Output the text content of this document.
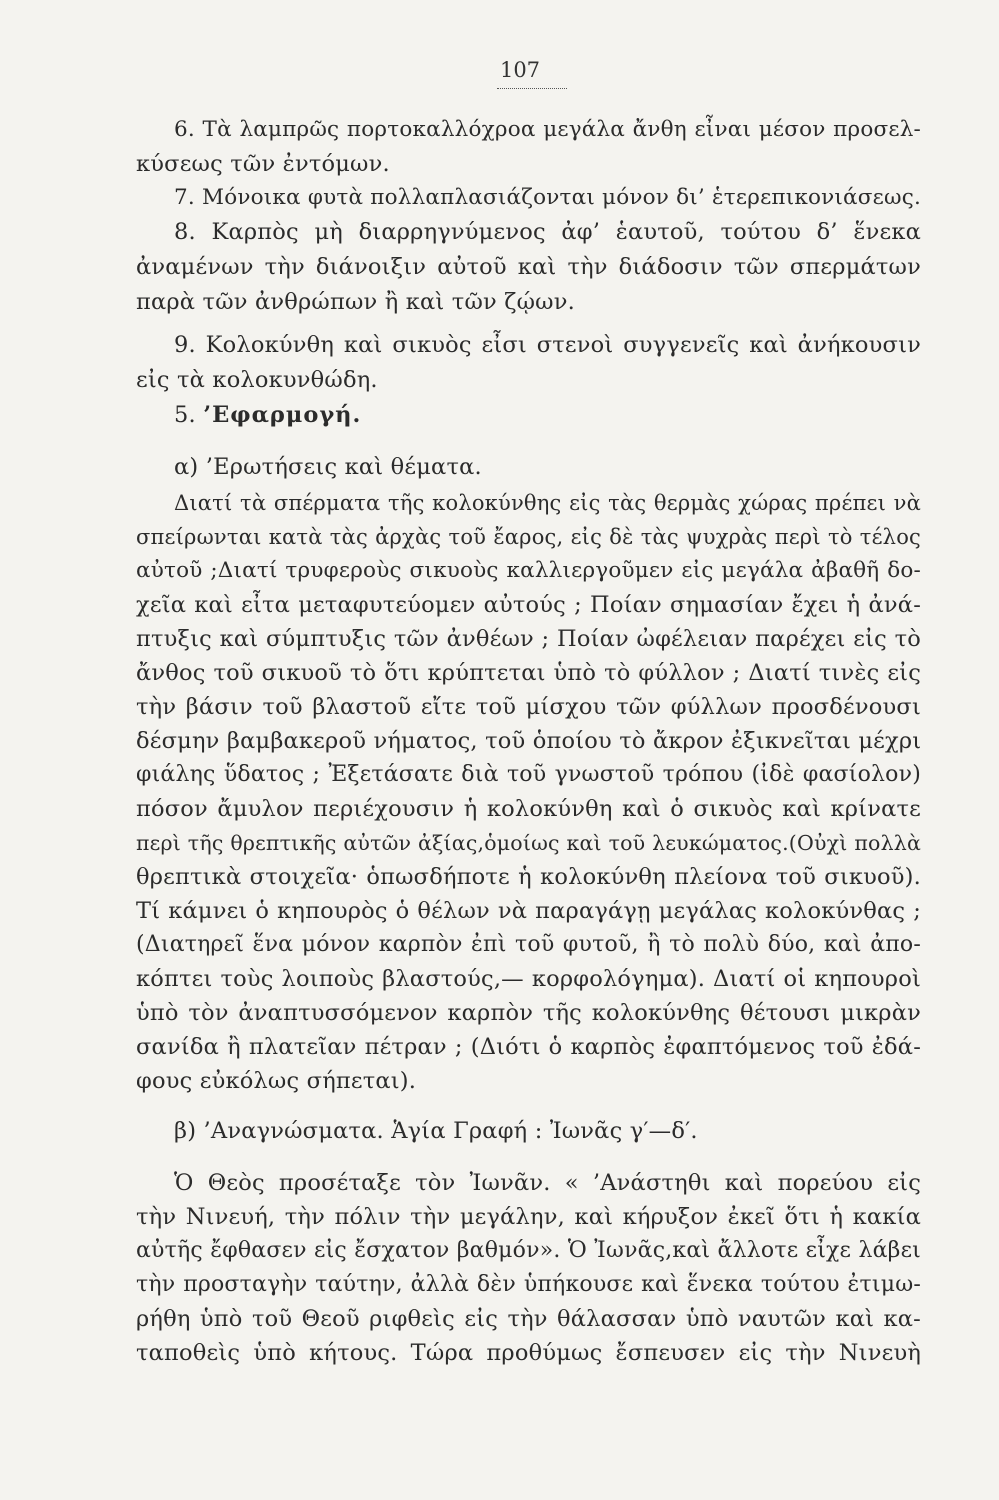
107
6. Τὰ λαμπρῶς πορτοκαλλόχροα μεγάλα ἄνθη εἶναι μέσον προσελ-
κύσεως τῶν ἐντόμων.
7. Μόνοικα φυτὰ πολλαπλασιάζονται μόνον δι’ ἑτερεπικονιάσεως.
8. Καρπὸς μὴ διαρρηγνύμενος ἀφ’ ἑαυτοῦ, τούτου δ’ ἕνεκα
ἀναμένων τὴν διάνοιξιν αὐτοῦ καὶ τὴν διάδοσιν τῶν σπερμάτων
παρὰ τῶν ἀνθρώπων ἢ καὶ τῶν ζῴων.
9. Κολοκύνθη καὶ σικυὸς εἶσι στενοὶ συγγενεῖς καὶ ἀνήκουσιν
εἰς τὰ κολοκυνθώδη.
5. ’Εφαρμογή.
α) ’Ερωτήσεις καὶ θέματα.
Διατί τὰ σπέρματα τῆς κολοκύνθης εἰς τὰς θερμὰς χώρας πρέπει νὰ
σπείρωνται κατὰ τὰς ἀρχὰς τοῦ ἔαρος, εἰς δὲ τὰς ψυχρὰς περὶ τὸ τέλος
αὐτοῦ ;Διατί τρυφεροὺς σικυοὺς καλλιεργοῦμεν εἰς μεγάλα ἀβαθῆ δο-
χεῖα καὶ εἶτα μεταφυτεύομεν αὐτούς ; Ποίαν σημασίαν ἔχει ἡ ἀνά-
πτυξις καὶ σύμπτυξις τῶν ἀνθέων ; Ποίαν ὠφέλειαν παρέχει εἰς τὸ
ἄνθος τοῦ σικυοῦ τὸ ὅτι κρύπτεται ὑπὸ τὸ φύλλον ; Διατί τινὲς εἰς
τὴν βάσιν τοῦ βλαστοῦ εἴτε τοῦ μίσχου τῶν φύλλων προσδένουσι
δέσμην βαμβακεροῦ νήματος, τοῦ ὁποίου τὸ ἄκρον ἐξικνεῖται μέχρι
φιάλης ὕδατος ; Ἐξετάσατε διὰ τοῦ γνωστοῦ τρόπου (ἰδὲ φασίολον)
πόσον ἄμυλον περιέχουσιν ἡ κολοκύνθη καὶ ὁ σικυὸς καὶ κρίνατε
περὶ τῆς θρεπτικῆς αὐτῶν ἀξίας,ὁμοίως καὶ τοῦ λευκώματος.(Οὐχὶ πολλὰ
θρεπτικὰ στοιχεῖα· ὁπωσδήποτε ἡ κολοκύνθη πλείονα τοῦ σικυοῦ).
Τί κάμνει ὁ κηπουρὸς ὁ θέλων νὰ παραγάγῃ μεγάλας κολοκύνθας ;
(Διατηρεῖ ἕνα μόνον καρπὸν ἐπὶ τοῦ φυτοῦ, ἢ τὸ πολὺ δύο, καὶ ἀπο-
κόπτει τοὺς λοιποὺς βλαστούς,— κορφολόγημα). Διατί οἱ κηπουροὶ
ὑπὸ τὸν ἀναπτυσσόμενον καρπὸν τῆς κολοκύνθης θέτουσι μικρὰν
σανίδα ἢ πλατεῖαν πέτραν ; (Διότι ὁ καρπὸς ἐφαπτόμενος τοῦ ἐδά-
φους εὐκόλως σήπεται).
β) ’Αναγνώσματα. Ἁγία Γραφή : Ἰωνᾶς γ′—δ′.
Ὁ Θεὸς προσέταξε τὸν Ἰωνᾶν. « ’Ανάστηθι καὶ πορεύου εἰς
τὴν Νινευή, τὴν πόλιν τὴν μεγάλην, καὶ κήρυξον ἐκεῖ ὅτι ἡ κακία
αὐτῆς ἔφθασεν εἰς ἔσχατον βαθμόν». Ὁ Ἰωνᾶς,καὶ ἄλλοτε εἶχε λάβει
τὴν προσταγὴν ταύτην, ἀλλὰ δὲν ὑπήκουσε καὶ ἕνεκα τούτου ἐτιμω-
ρήθη ὑπὸ τοῦ Θεοῦ ριφθεὶς εἰς τὴν θάλασσαν ὑπὸ ναυτῶν καὶ κα-
ταποθεὶς ὑπὸ κήτους. Τώρα προθύμως ἔσπευσεν εἰς τὴν Νινευὴ
